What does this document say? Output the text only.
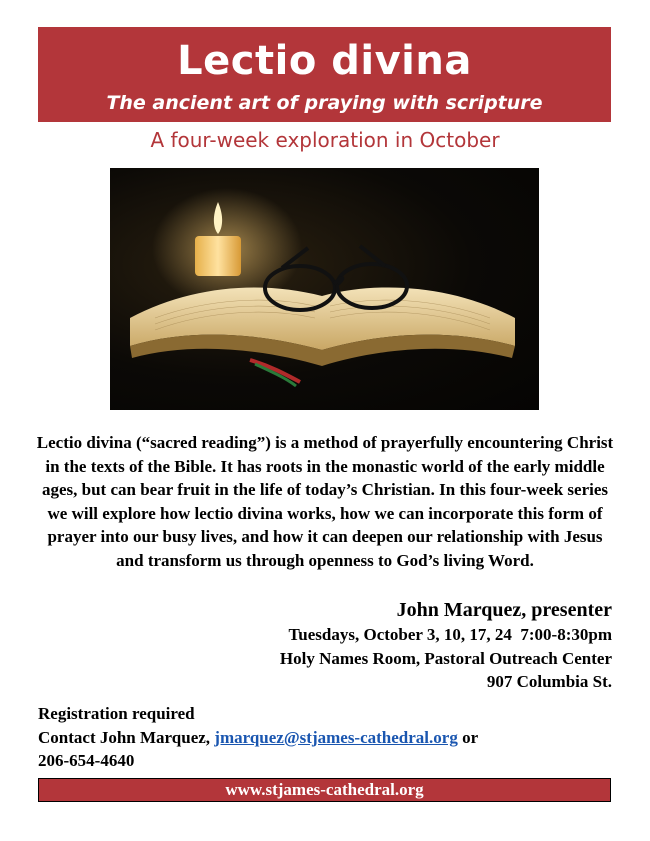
Lectio divina
The ancient art of praying with scripture
A four-week exploration in October
Lectio divina (“sacred reading”) is a method of prayerfully encountering Christ in the texts of the Bible. It has roots in the monastic world of the early middle ages, but can bear fruit in the life of today’s Christian. In this four-week series we will explore how lectio divina works, how we can incorporate this form of prayer into our busy lives, and how it can deepen our relationship with Jesus and transform us through openness to God’s living Word.
John Marquez, presenter
Tuesdays, October 3, 10, 17, 24  7:00-8:30pm
Holy Names Room, Pastoral Outreach Center
907 Columbia St.
Registration required
Contact John Marquez, jmarquez@stjames-cathedral.org or
206-654-4640
www.stjames-cathedral.org
